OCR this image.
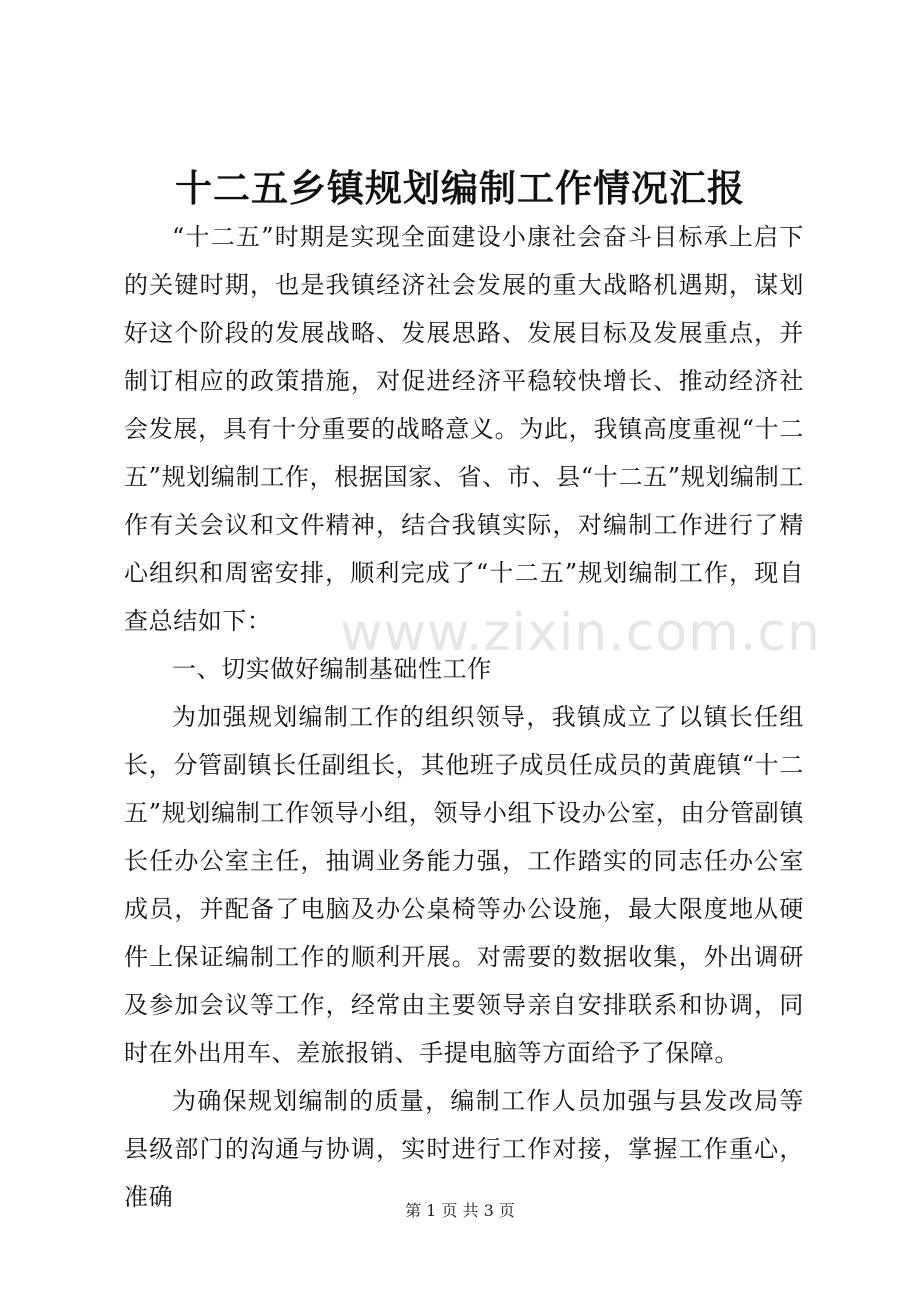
十二五乡镇规划编制工作情况汇报

“十二五”时期是实现全面建设小康社会奋斗目标承上启下的关键时期，也是我镇经济社会发展的重大战略机遇期，谋划好这个阶段的发展战略、发展思路、发展目标及发展重点，并制订相应的政策措施，对促进经济平稳较快增长、推动经济社会发展，具有十分重要的战略意义。为此，我镇高度重视“十二五”规划编制工作，根据国家、省、市、县“十二五”规划编制工作有关会议和文件精神，结合我镇实际，对编制工作进行了精心组织和周密安排，顺利完成了“十二五”规划编制工作，现自查总结如下：

一、切实做好编制基础性工作

为加强规划编制工作的组织领导，我镇成立了以镇长任组长，分管副镇长任副组长，其他班子成员任成员的黄鹿镇“十二五”规划编制工作领导小组，领导小组下设办公室，由分管副镇长任办公室主任，抽调业务能力强，工作踏实的同志任办公室成员，并配备了电脑及办公桌椅等办公设施，最大限度地从硬件上保证编制工作的顺利开展。对需要的数据收集，外出调研及参加会议等工作，经常由主要领导亲自安排联系和协调，同时在外出用车、差旅报销、手提电脑等方面给予了保障。

为确保规划编制的质量，编制工作人员加强与县发改局等县级部门的沟通与协调，实时进行工作对接，掌握工作重心，准确

www.zixin.com.cn
第 1 页 共 3 页
